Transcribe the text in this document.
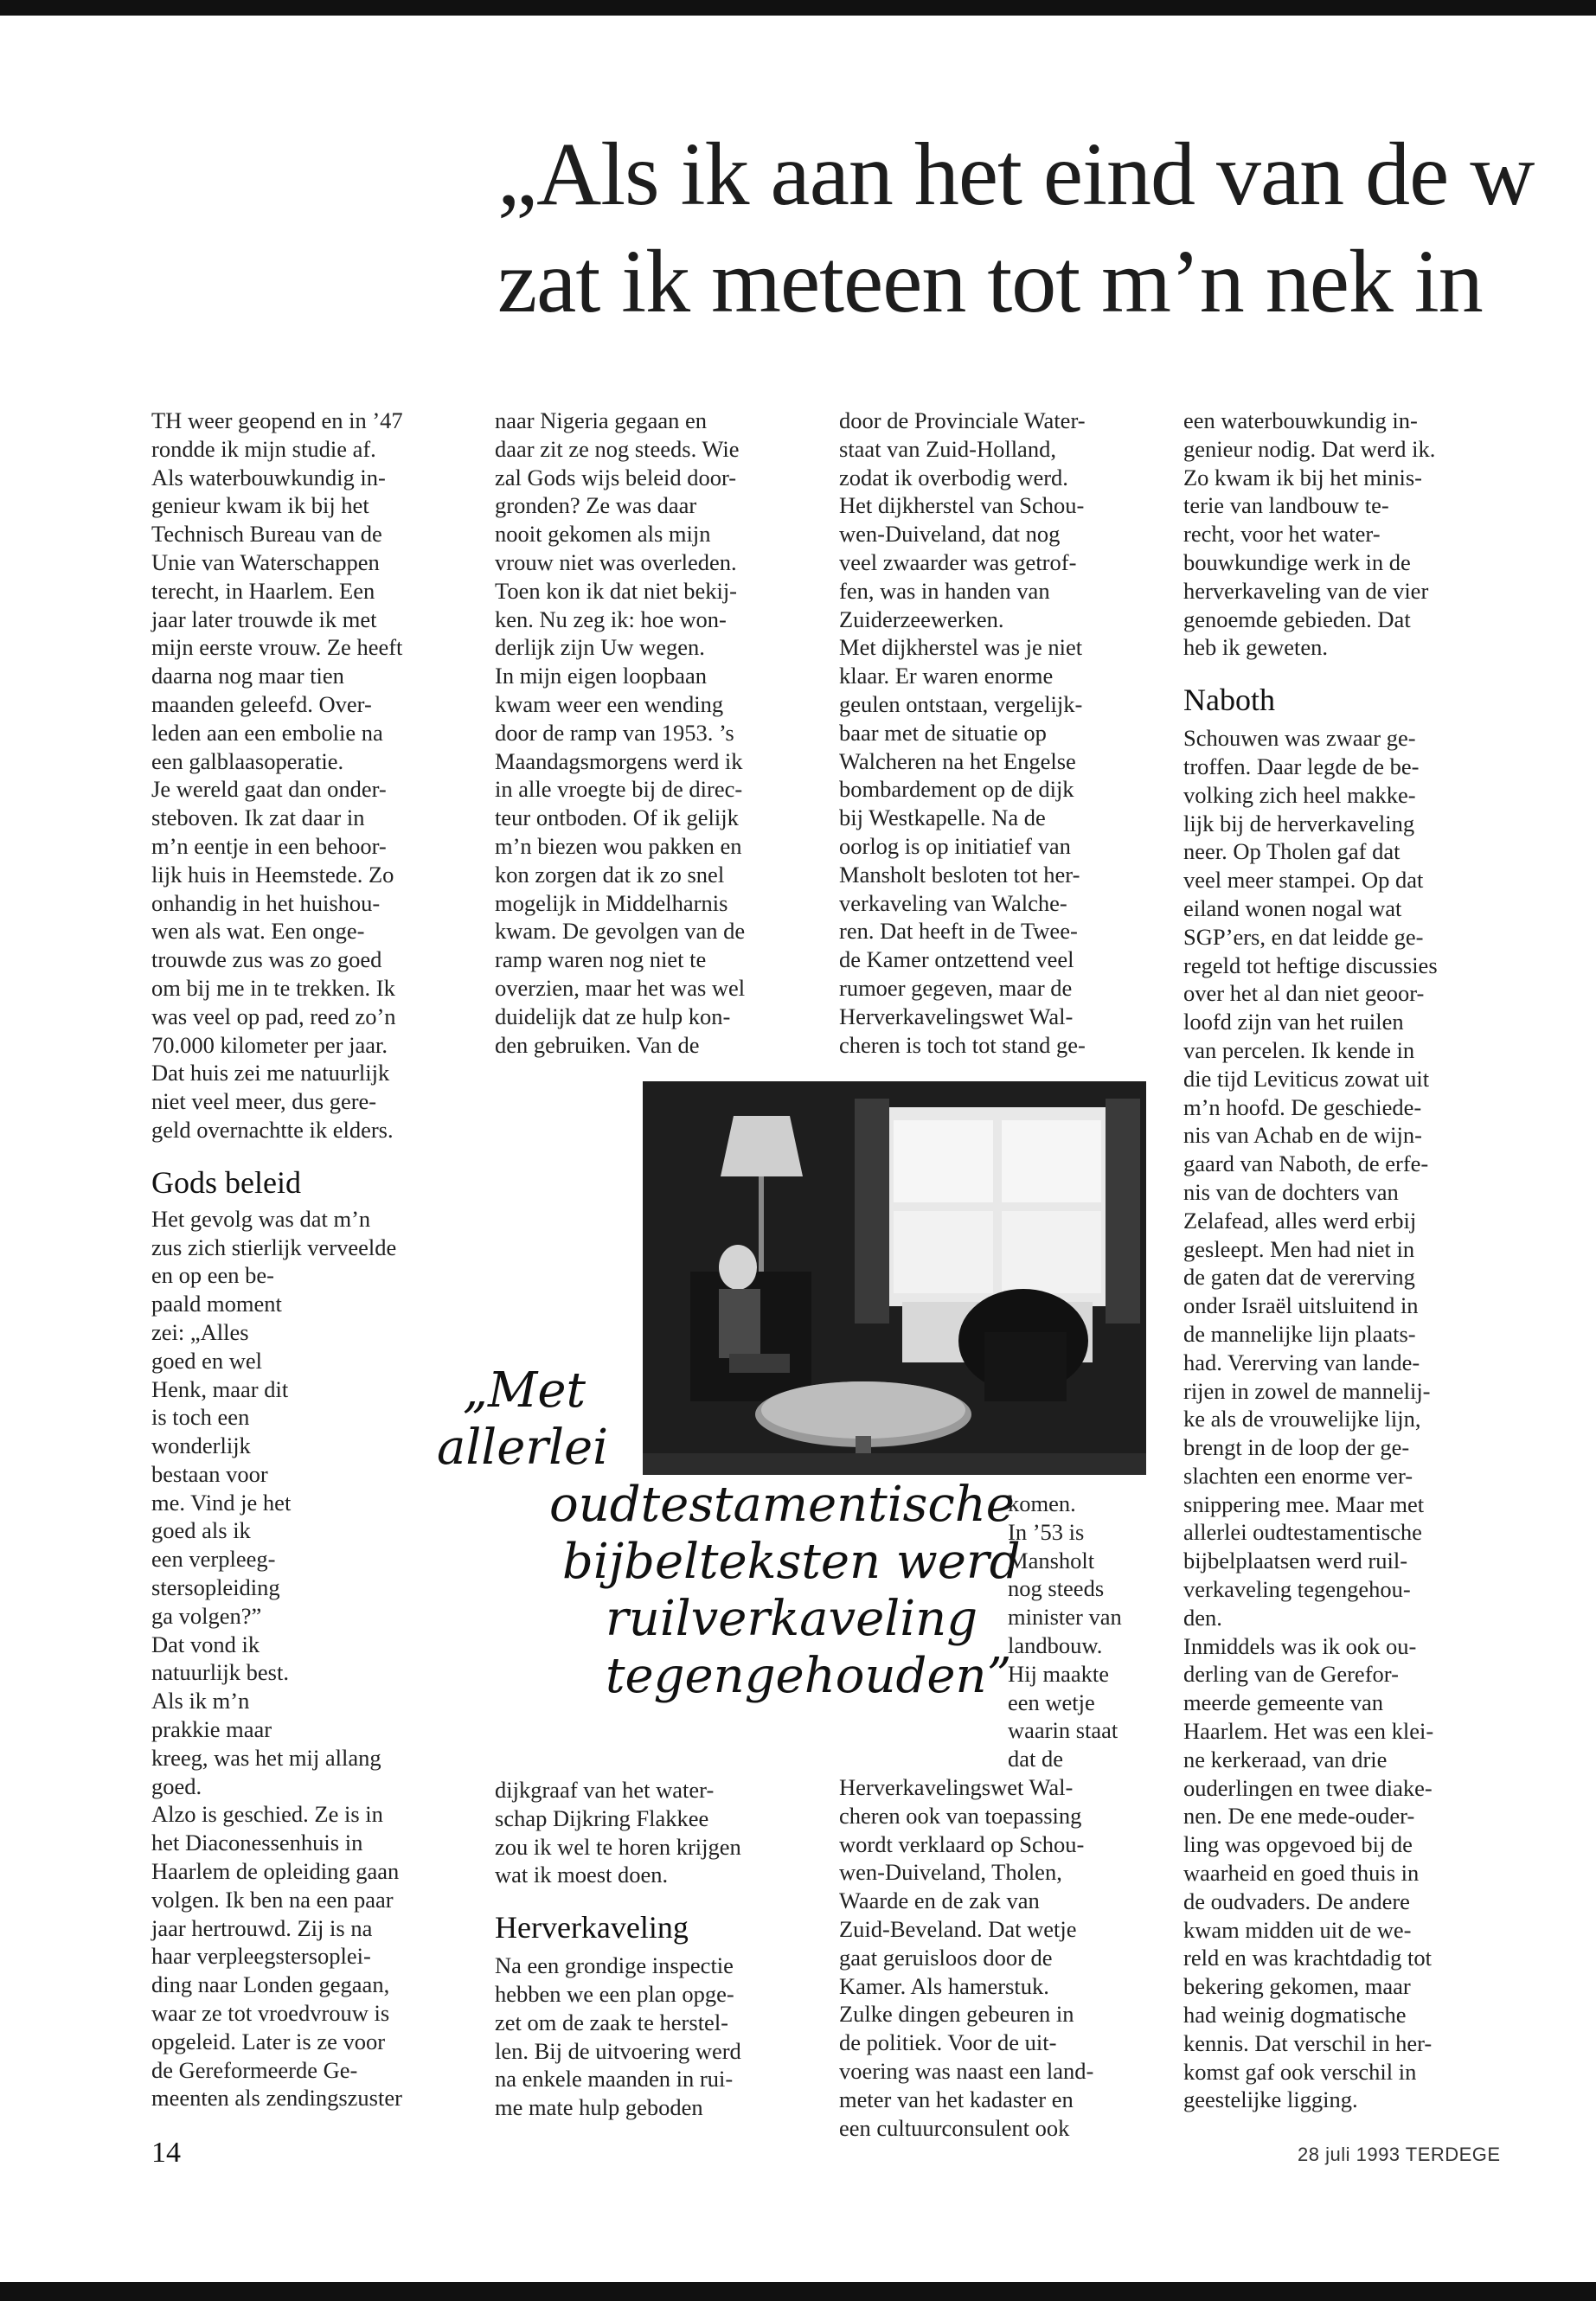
„Als ik aan het eind van de w
zat ik meteen tot m’n nek in

TH weer geopend en in ’47

rondde ik mijn studie af.

Als waterbouwkundig in-

genieur kwam ik bij het

Technisch Bureau van de

Unie van Waterschappen

terecht, in Haarlem. Een

jaar later trouwde ik met

mijn eerste vrouw. Ze heeft

daarna nog maar tien

maanden geleefd. Over-

leden aan een embolie na

een galblaasoperatie.

Je wereld gaat dan onder-

steboven. Ik zat daar in

m’n eentje in een behoor-

lijk huis in Heemstede. Zo

onhandig in het huishou-

wen als wat. Een onge-

trouwde zus was zo goed

om bij me in te trekken. Ik

was veel op pad, reed zo’n

70.000 kilometer per jaar.

Dat huis zei me natuurlijk

niet veel meer, dus gere-

geld overnachtte ik elders.

Gods beleid

Het gevolg was dat m’n

zus zich stierlijk verveelde

en op een be-

paald moment

zei: „Alles

goed en wel

Henk, maar dit

is toch een

wonderlijk

bestaan voor

me. Vind je het

goed als ik

een verpleeg-

stersopleiding

ga volgen?”

Dat vond ik

natuurlijk best.

Als ik m’n

prakkie maar

kreeg, was het mij allang

goed.

Alzo is geschied. Ze is in

het Diaconessenhuis in

Haarlem de opleiding gaan

volgen. Ik ben na een paar

jaar hertrouwd. Zij is na

haar verpleegstersoplei-

ding naar Londen gegaan,

waar ze tot vroedvrouw is

opgeleid. Later is ze voor

de Gereformeerde Ge-

meenten als zendingszuster

naar Nigeria gegaan en

daar zit ze nog steeds. Wie

zal Gods wijs beleid door-

gronden? Ze was daar

nooit gekomen als mijn

vrouw niet was overleden.

Toen kon ik dat niet bekij-

ken. Nu zeg ik: hoe won-

derlijk zijn Uw wegen.

In mijn eigen loopbaan

kwam weer een wending

door de ramp van 1953. ’s

Maandagsmorgens werd ik

in alle vroegte bij de direc-

teur ontboden. Of ik gelijk

m’n biezen wou pakken en

kon zorgen dat ik zo snel

mogelijk in Middelharnis

kwam. De gevolgen van de

ramp waren nog niet te

overzien, maar het was wel

duidelijk dat ze hulp kon-

den gebruiken. Van de

dijkgraaf van het water-

schap Dijkring Flakkee

zou ik wel te horen krijgen

wat ik moest doen.

Herverkaveling

Na een grondige inspectie

hebben we een plan opge-

zet om de zaak te herstel-

len. Bij de uitvoering werd

na enkele maanden in rui-

me mate hulp geboden

door de Provinciale Water-

staat van Zuid-Holland,

zodat ik overbodig werd.

Het dijkherstel van Schou-

wen-Duiveland, dat nog

veel zwaarder was getrof-

fen, was in handen van

Zuiderzeewerken.

Met dijkherstel was je niet

klaar. Er waren enorme

geulen ontstaan, vergelijk-

baar met de situatie op

Walcheren na het Engelse

bombardement op de dijk

bij Westkapelle. Na de

oorlog is op initiatief van

Mansholt besloten tot her-

verkaveling van Walche-

ren. Dat heeft in de Twee-

de Kamer ontzettend veel

rumoer gegeven, maar de

Herverkavelingswet Wal-

cheren is toch tot stand ge-

komen.

In ’53 is

Mansholt

nog steeds

minister van

landbouw.

Hij maakte

een wetje

waarin staat

dat de

Herverkavelingswet Wal-

cheren ook van toepassing

wordt verklaard op Schou-

wen-Duiveland, Tholen,

Waarde en de zak van

Zuid-Beveland. Dat wetje

gaat geruisloos door de

Kamer. Als hamerstuk.

Zulke dingen gebeuren in

de politiek. Voor de uit-

voering was naast een land-

meter van het kadaster en

een cultuurconsulent ook

een waterbouwkundig in-

genieur nodig. Dat werd ik.

Zo kwam ik bij het minis-

terie van landbouw te-

recht, voor het water-

bouwkundige werk in de

herverkaveling van de vier

genoemde gebieden. Dat

heb ik geweten.

Naboth

Schouwen was zwaar ge-

troffen. Daar legde de be-

volking zich heel makke-

lijk bij de herverkaveling

neer. Op Tholen gaf dat

veel meer stampei. Op dat

eiland wonen nogal wat

SGP’ers, en dat leidde ge-

regeld tot heftige discussies

over het al dan niet geoor-

loofd zijn van het ruilen

van percelen. Ik kende in

die tijd Leviticus zowat uit

m’n hoofd. De geschiede-

nis van Achab en de wijn-

gaard van Naboth, de erfe-

nis van de dochters van

Zelafead, alles werd erbij

gesleept. Men had niet in

de gaten dat de vererving

onder Israël uitsluitend in

de mannelijke lijn plaats-

had. Vererving van lande-

rijen in zowel de mannelij-

ke als de vrouwelijke lijn,

brengt in de loop der ge-

slachten een enorme ver-

snippering mee. Maar met

allerlei oudtestamentische

bijbelplaatsen werd ruil-

verkaveling tegengehou-

den.

Inmiddels was ik ook ou-

derling van de Gerefor-

meerde gemeente van

Haarlem. Het was een klei-

ne kerkeraad, van drie

ouderlingen en twee diake-

nen. De ene mede-ouder-

ling was opgevoed bij de

waarheid en goed thuis in

de oudvaders. De andere

kwam midden uit de we-

reld en was krachtdadig tot

bekering gekomen, maar

had weinig dogmatische

kennis. Dat verschil in her-

komst gaf ook verschil in

geestelijke ligging.

„Met
allerlei
oudtestamentische
bijbelteksten werd
ruilverkaveling
tegengehouden”
14	28 juli 1993 TERDEGE
